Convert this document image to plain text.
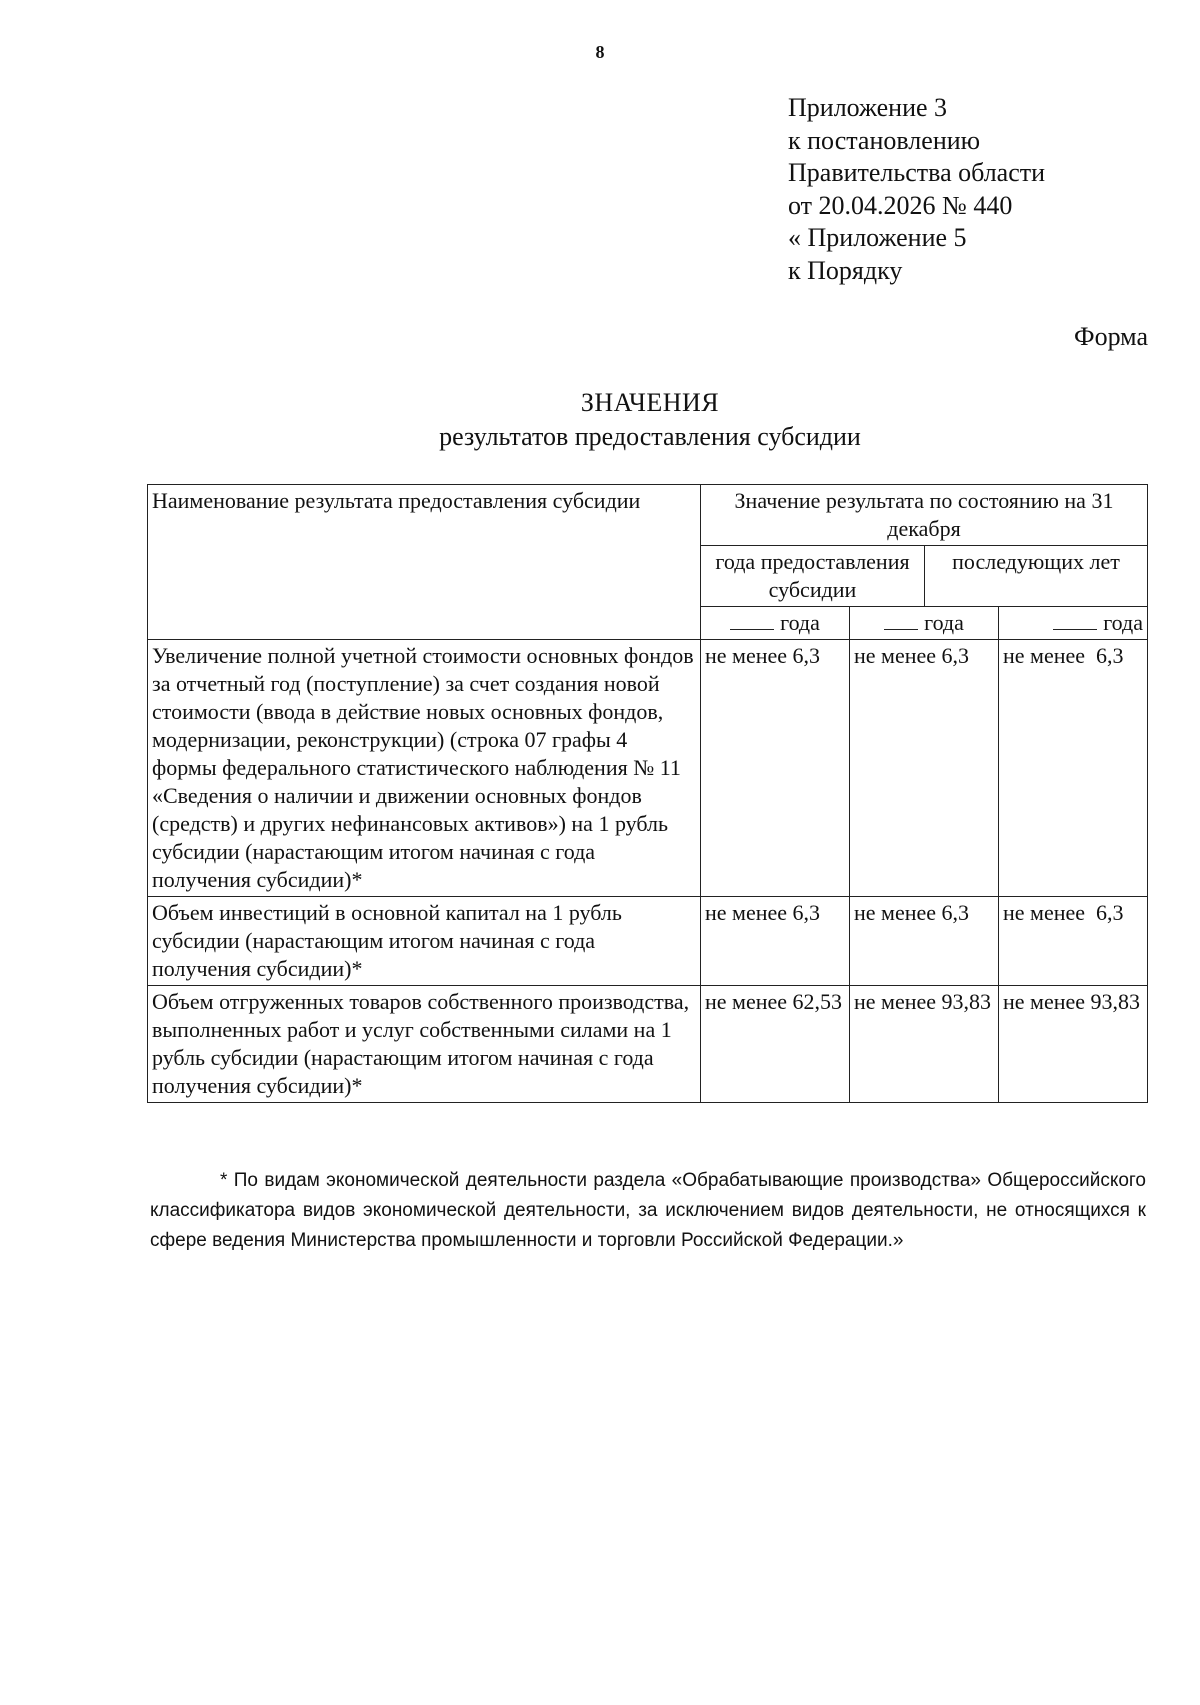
8
Приложение 3
к постановлению
Правительства области
от 20.04.2026 № 440
« Приложение 5
к Порядку
Форма
ЗНАЧЕНИЯ
результатов предоставления субсидии
Наименование результата предоставления субсидии	Значение результата по состоянию на 31 декабря			
	года предоставления субсидии		последующих лет	
	года	года		года
Увеличение полной учетной стоимости основных фондов за отчетный год (поступление) за счет создания новой стоимости (ввода в действие новых основных фондов, модернизации, реконструкции) (строка 07 графы 4 формы федерального статистического наблюдения № 11 «Сведения о наличии и движении основных фондов (средств) и других нефинансовых активов») на 1 рубль субсидии (нарастающим итогом начиная с года получения субсидии)*	не менее 6,3	не менее 6,3		не менее  6,3
Объем инвестиций в основной капитал на 1 рубль субсидии (нарастающим итогом начиная с года получения субсидии)*	не менее 6,3	не менее 6,3		не менее  6,3
Объем отгруженных товаров собственного производства, выполненных работ и услуг собственными силами на 1 рубль субсидии (нарастающим итогом начиная с года получения субсидии)*	не менее 62,53	не менее 93,83		не менее 93,83
* По видам экономической деятельности раздела «Обрабатывающие производства» Общероссийского классификатора видов экономической деятельности, за исключением видов деятельности, не относящихся к сфере ведения Министерства промышленности и торговли Российской Федерации.»
